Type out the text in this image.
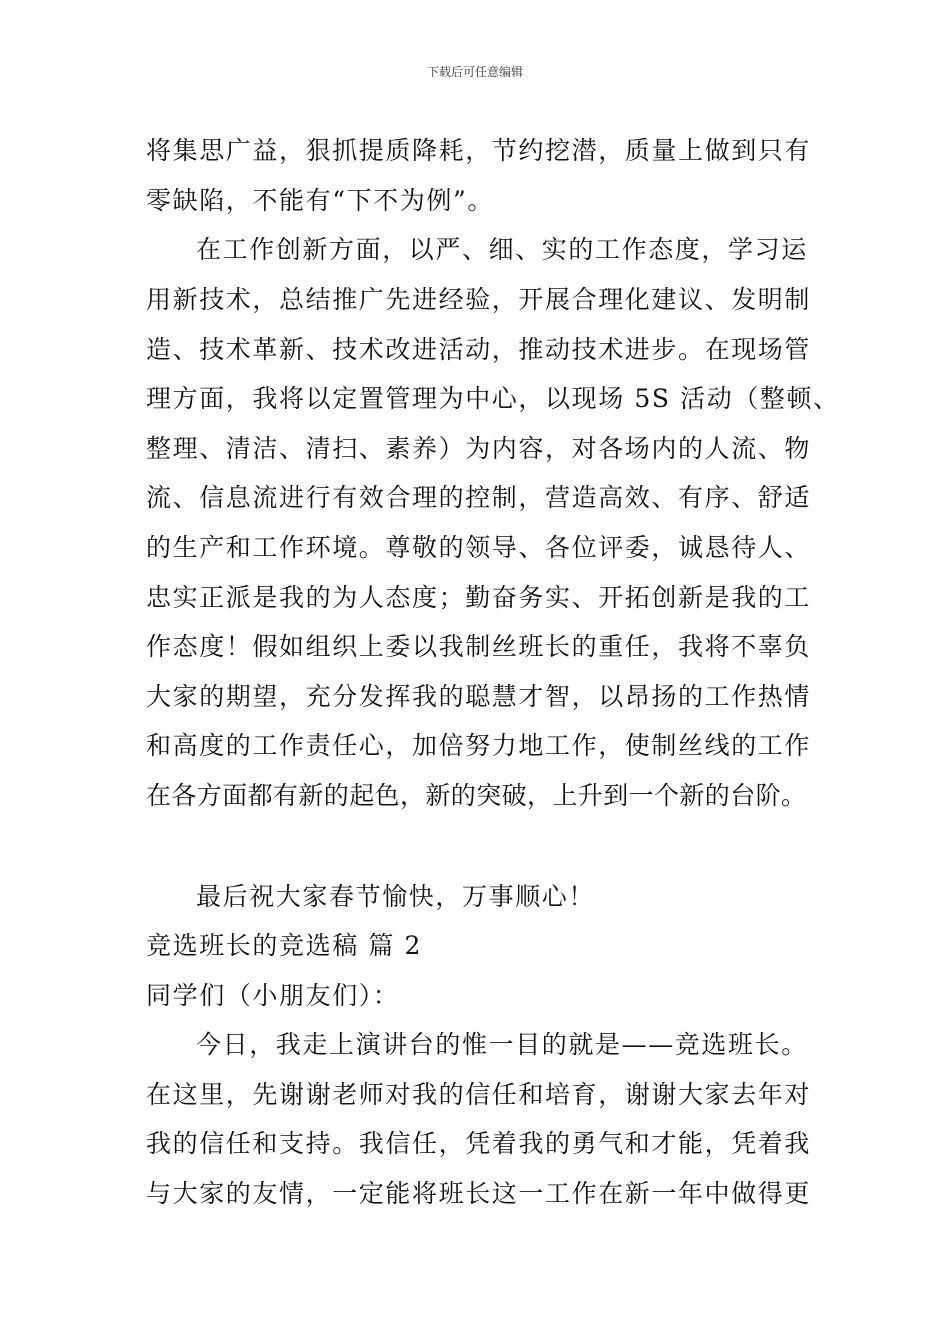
下载后可任意编辑
将集思广益，狠抓提质降耗，节约挖潜，质量上做到只有
零缺陷，不能有“下不为例”。
在工作创新方面，以严、细、实的工作态度，学习运
用新技术，总结推广先进经验，开展合理化建议、发明制
造、技术革新、技术改进活动，推动技术进步。在现场管
理方面，我将以定置管理为中心，以现场 5S 活动（整顿、
整理、清洁、清扫、素养）为内容，对各场内的人流、物
流、信息流进行有效合理的控制，营造高效、有序、舒适
的生产和工作环境。尊敬的领导、各位评委，诚恳待人、
忠实正派是我的为人态度；勤奋务实、开拓创新是我的工
作态度！假如组织上委以我制丝班长的重任，我将不辜负
大家的期望，充分发挥我的聪慧才智，以昂扬的工作热情
和高度的工作责任心，加倍努力地工作，使制丝线的工作
在各方面都有新的起色，新的突破，上升到一个新的台阶。
最后祝大家春节愉快，万事顺心！
竞选班长的竞选稿 篇 2
同学们（小朋友们）：
今日，我走上演讲台的惟一目的就是——竞选班长。
在这里，先谢谢老师对我的信任和培育，谢谢大家去年对
我的信任和支持。我信任，凭着我的勇气和才能，凭着我
与大家的友情，一定能将班长这一工作在新一年中做得更
